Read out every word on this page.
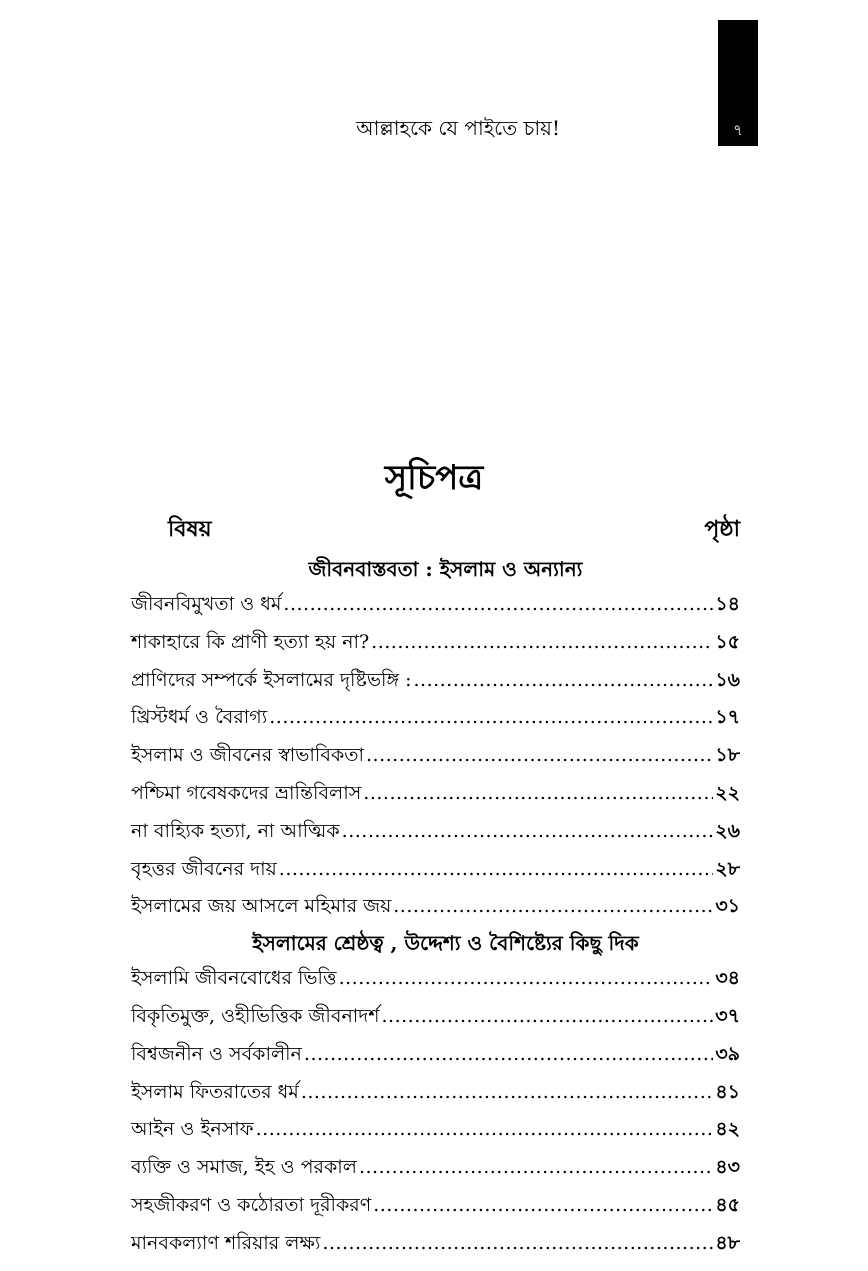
৭
আল্লাহকে যে পাইতে চায়!
সূচিপত্র
বিষয়	পৃষ্ঠা
জীবনবাস্তবতা : ইসলাম ও অন্যান্য
জীবনবিমুখতা ও ধর্ম .....	১৪
শাকাহারে কি প্রাণী হত্যা হয় না? .....	১৫
প্রাণিদের সম্পর্কে ইসলামের দৃষ্টিভঙ্গি : .....	১৬
খ্রিস্টধর্ম ও বৈরাগ্য .....	১৭
ইসলাম ও জীবনের স্বাভাবিকতা .....	১৮
পশ্চিমা গবেষকদের ভ্রান্তিবিলাস .....	২২
না বাহ্যিক হত্যা, না আত্মিক .....	২৬
বৃহত্তর জীবনের দায় .....	২৮
ইসলামের জয় আসলে মহিমার জয় .....	৩১
ইসলামের শ্রেষ্ঠত্ব , উদ্দেশ্য ও বৈশিষ্ট্যের কিছু দিক
ইসলামি জীবনবোধের ভিত্তি .....	৩৪
বিকৃতিমুক্ত, ওহীভিত্তিক জীবনাদর্শ .....	৩৭
বিশ্বজনীন ও সর্বকালীন .....	৩৯
ইসলাম ফিতরাতের ধর্ম .....	৪১
আইন ও ইনসাফ .....	৪২
ব্যক্তি ও সমাজ, ইহ ও পরকাল .....	৪৩
সহজীকরণ ও কঠোরতা দূরীকরণ .....	৪৫
মানবকল্যাণ শরিয়ার লক্ষ্য .....	৪৮
